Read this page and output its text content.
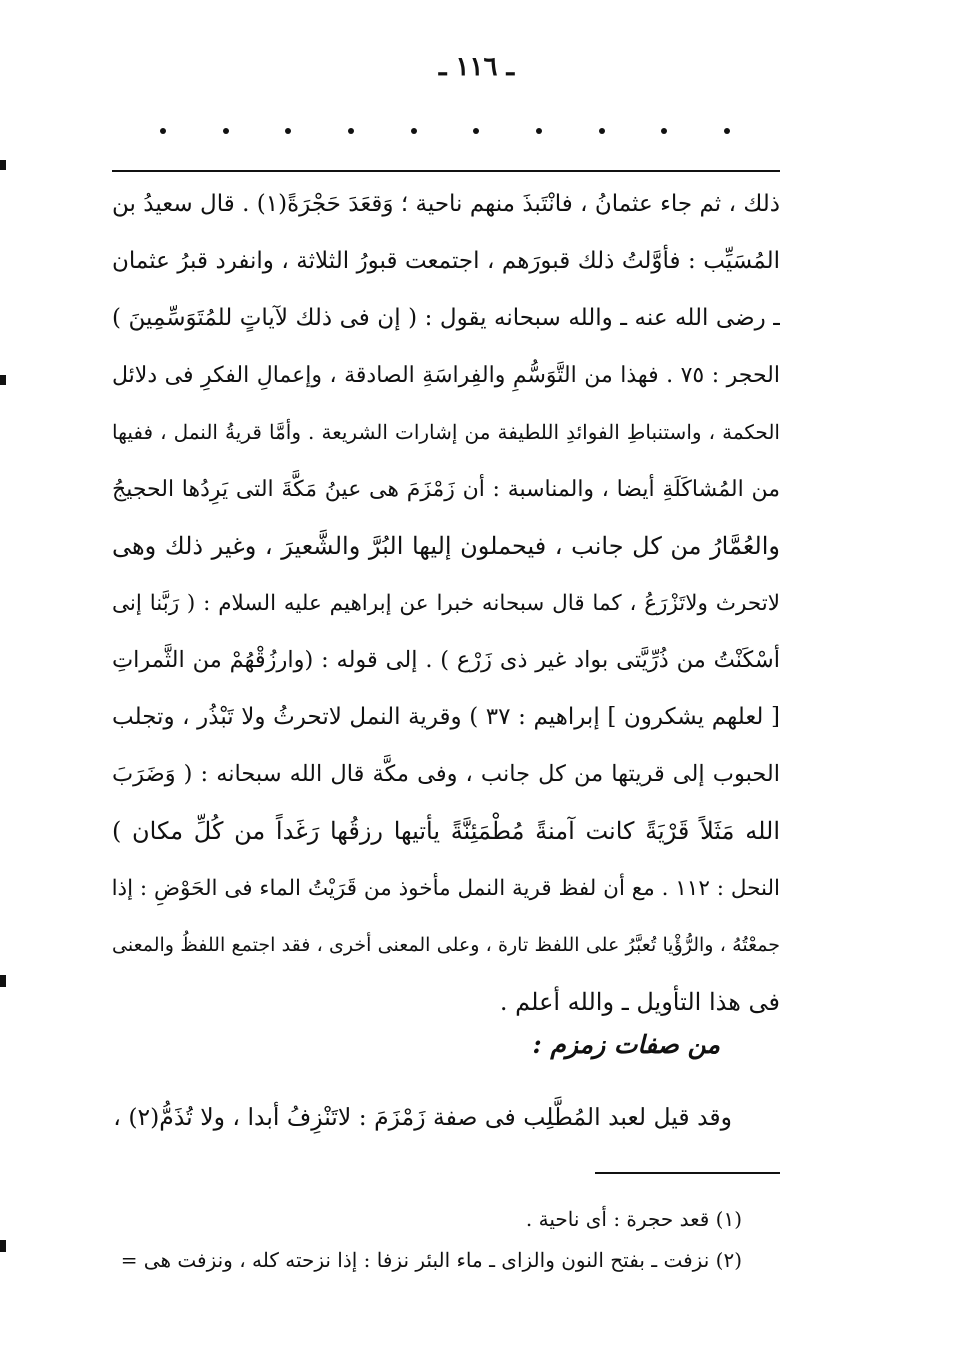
ـ ١١٦ ـ
ذلك ، ثم جاء عثمانُ ، فانْتَبذَ منهم ناحية ؛ وَقعَدَ حَجْرَةً(١) . قال سعيدُ بن
المُسَيِّب : فأوَّلتُ ذلك قبورَهم ، اجتمعت قبورُ الثلاثة ، وانفرد قبرُ عثمان
ـ رضى الله عنه ـ والله سبحانه يقول : ( إن فى ذلك لآياتٍ للمُتَوَسِّمِينَ )
الحجر : ٧٥ . فهذا من التَّوَسُّمِ والفِراسَةِ الصادقة ، وإعمالِ الفكرِ فى دلائل
الحكمة ، واستنباطِ الفوائدِ اللطيفة من إشارات الشريعة . وأمَّا قريةُ النمل ، ففيها
من المُشاكَلَةِ أيضا ، والمناسبة : أن زَمْزَمَ هى عينُ مَكَّةَ التى يَرِدُها الحجيجُ
والعُمَّارُ من كل جانب ، فيحملون إليها البُرَّ والشَّعيرَ ، وغير ذلك وهى
لاتحرث ولاتَزْرَعُ ، كما قال سبحانه خبرا عن إبراهيم عليه السلام : ( رَبَّنا إنى
أسْكَنْتُ من ذُرِّيَّتى بواد غير ذى زَرْع ) . إلى قوله : (وارزُقْهُمْ من الثَّمراتِ
[ لعلهم يشكرون ] إبراهيم : ٣٧ ) وقرية النمل لاتحرثُ ولا تَبْذُر ، وتجلب
الحبوب إلى قريتها من كل جانب ، وفى مكَّة قال الله سبحانه : ( وَضَرَبَ
الله مَثَلاً قَرْيَةً كانت آمنةً مُطْمَئِنَّةً يأتيها رزقُها رَغَداً من كُلِّ مكان )
النحل : ١١٢ . مع أن لفظ قرية النمل مأخوذ من قَرَيْتُ الماء فى الحَوْضِ : إذا
جمعْتُهُ ، والرُّؤْيا تُعبَّرُ على اللفظ تارة ، وعلى المعنى أخرى ، فقد اجتمع اللفظُ والمعنى
فى هذا التأويل ـ والله أعلم .
من صفات زمزم :
وقد قيل لعبد المُطَّلِب فى صفة زَمْزَمَ : لاتَنْزِفُ أبدا ، ولا تُذَمُّ(٢) ،
(١) قعد حجرة : أى ناحية .
(٢) نزفت ـ بفتح النون والزاى ـ ماء البئر نزفا : إذا نزحته كله ، ونزفت هى =
